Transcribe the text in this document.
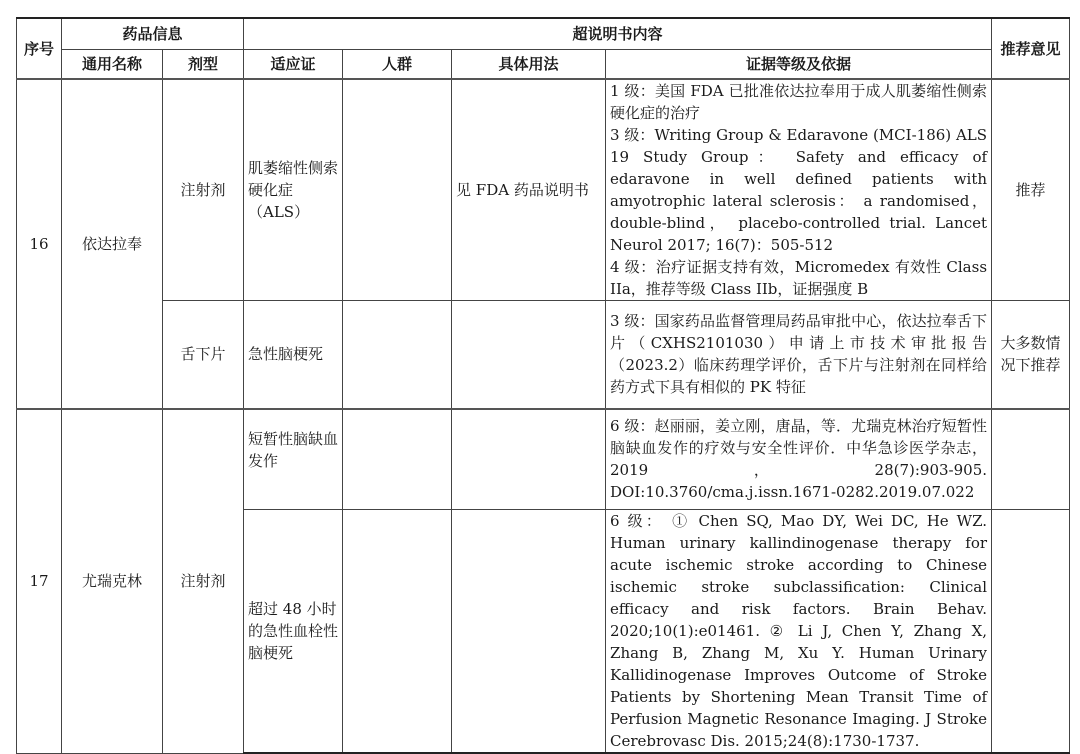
序号	药品信息		超说明书内容				推荐意见
	通用名称	剂型	适应证	人群	具体用法	证据等级及依据	
16	依达拉奉	注射剂	肌萎缩性侧索硬化症（ALS）		见 FDA 药品说明书	1 级：美国 FDA 已批准依达拉奉用于成人肌萎缩性侧索硬化症的治疗
3 级：Writing Group & Edaravone (MCI-186) ALS 19 Study Group： Safety and efficacy of edaravone in well defined patients with amyotrophic lateral sclerosis： a randomised， double-blind， placebo-controlled trial. Lancet Neurol 2017; 16(7)：505-512
4 级：治疗证据支持有效，Micromedex 有效性 Class IIa，推荐等级 Class IIb，证据强度 B	推荐
		舌下片	急性脑梗死			3 级：国家药品监督管理局药品审批中心，依达拉奉舌下片（CXHS2101030）申请上市技术审批报告（2023.2）临床药理学评价，舌下片与注射剂在同样给药方式下具有相似的 PK 特征	大多数情况下推荐
17	尤瑞克林	注射剂	短暂性脑缺血发作			6 级：赵丽丽，姜立刚，唐晶，等．尤瑞克林治疗短暂性脑缺血发作的疗效与安全性评价．中华急诊医学杂志，2019，28(7):903-905. DOI:10.3760/cma.j.issn.1671-0282.2019.07.022	
			超过 48 小时的急性血栓性脑梗死			6 级： ① Chen SQ, Mao DY, Wei DC, He WZ. Human urinary kallindinogenase therapy for acute ischemic stroke according to Chinese ischemic stroke subclassification: Clinical efficacy and risk factors. Brain Behav. 2020;10(1):e01461. ② Li J, Chen Y, Zhang X, Zhang B, Zhang M, Xu Y. Human Urinary Kallidinogenase Improves Outcome of Stroke Patients by Shortening Mean Transit Time of Perfusion Magnetic Resonance Imaging. J Stroke Cerebrovasc Dis. 2015;24(8):1730-1737.	
